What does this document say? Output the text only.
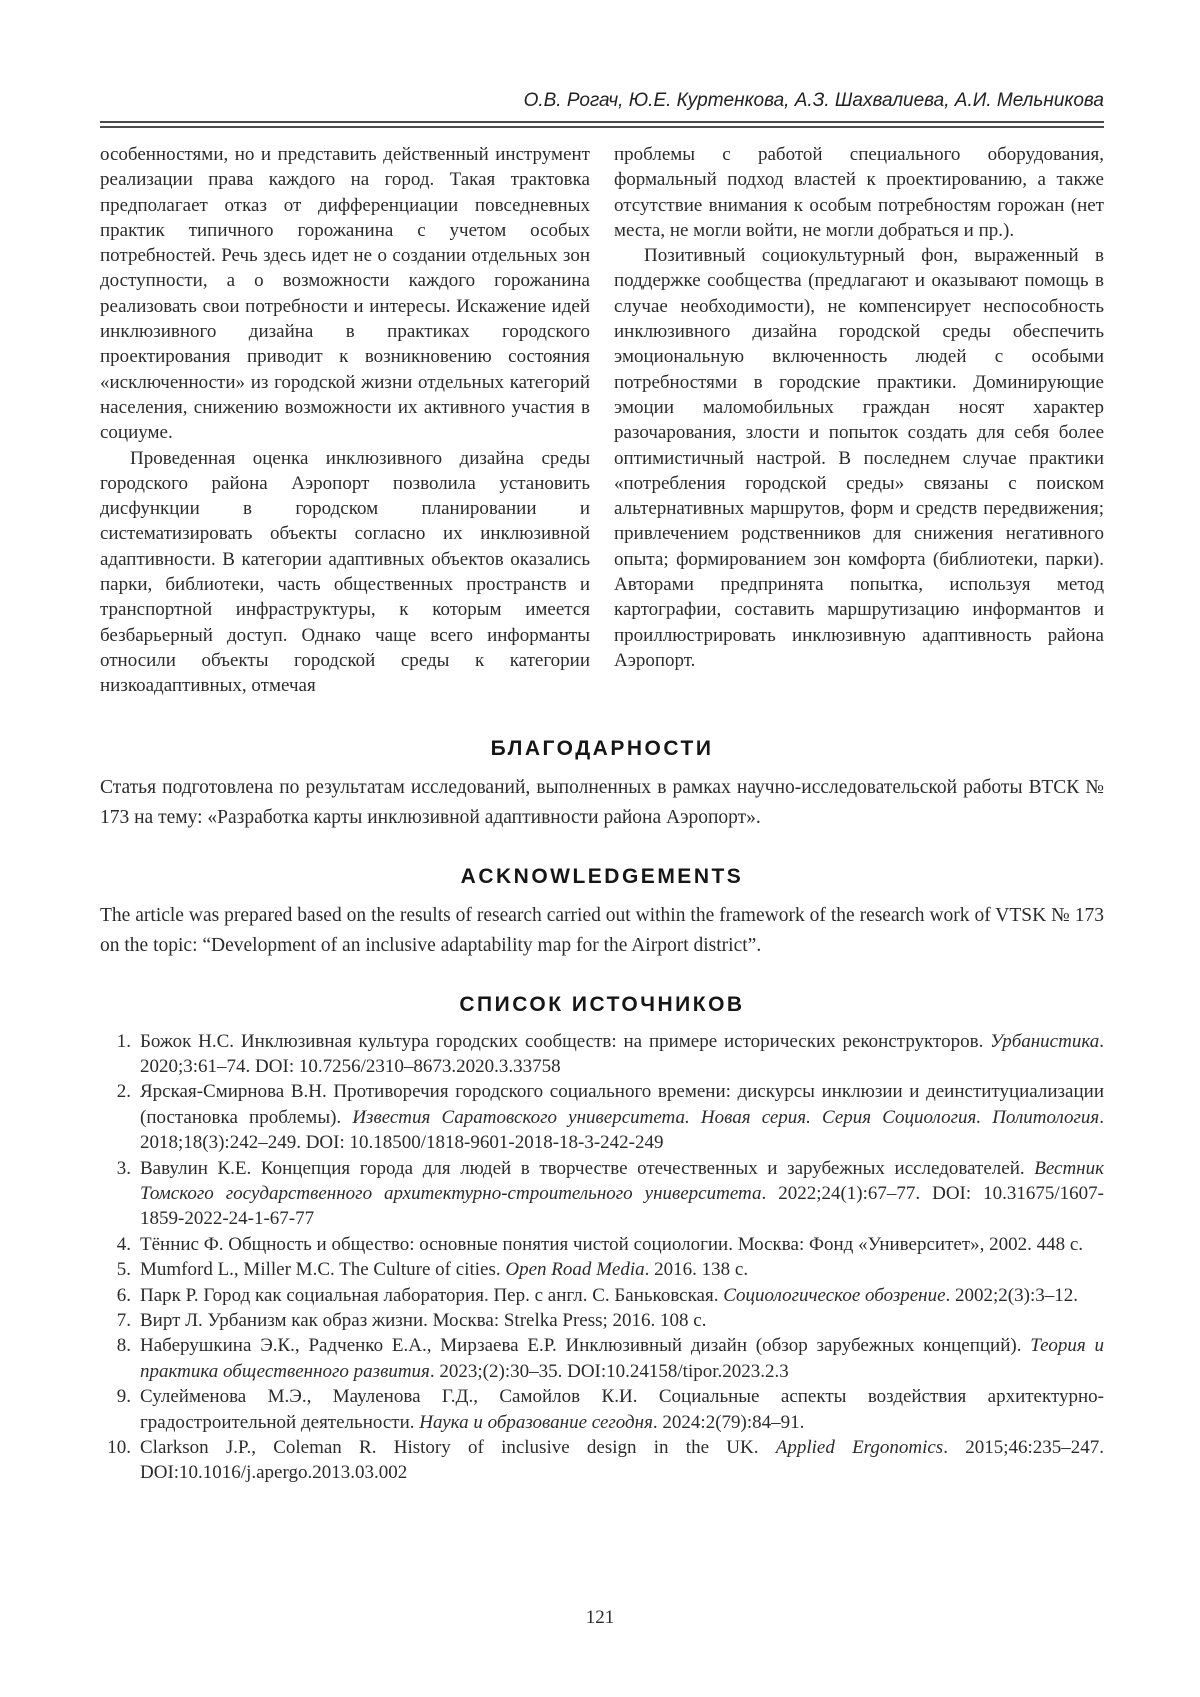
О.В. Рогач, Ю.Е. Куртенкова, А.З. Шахвалиева, А.И. Мельникова

особенностями, но и представить действенный инструмент реализации права каждого на город. Такая трактовка предполагает отказ от дифференциации повседневных практик типичного горожанина с учетом особых потребностей. Речь здесь идет не о создании отдельных зон доступности, а о возможности каждого горожанина реализовать свои потребности и интересы. Искажение идей инклюзивного дизайна в практиках городского проектирования приводит к возникновению состояния «исключенности» из городской жизни отдельных категорий населения, снижению возможности их активного участия в социуме.

Проведенная оценка инклюзивного дизайна среды городского района Аэропорт позволила установить дисфункции в городском планировании и систематизировать объекты согласно их инклюзивной адаптивности. В категории адаптивных объектов оказались парки, библиотеки, часть общественных пространств и транспортной инфраструктуры, к которым имеется безбарьерный доступ. Однако чаще всего информанты относили объекты городской среды к категории низкоадаптивных, отмечая

проблемы с работой специального оборудования, формальный подход властей к проектированию, а также отсутствие внимания к особым потребностям горожан (нет места, не могли войти, не могли добраться и пр.).

Позитивный социокультурный фон, выраженный в поддержке сообщества (предлагают и оказывают помощь в случае необходимости), не компенсирует неспособность инклюзивного дизайна городской среды обеспечить эмоциональную включенность людей с особыми потребностями в городские практики. Доминирующие эмоции маломобильных граждан носят характер разочарования, злости и попыток создать для себя более оптимистичный настрой. В последнем случае практики «потребления городской среды» связаны с поиском альтернативных маршрутов, форм и средств передвижения; привлечением родственников для снижения негативного опыта; формированием зон комфорта (библиотеки, парки). Авторами предпринята попытка, используя метод картографии, составить маршрутизацию информантов и проиллюстрировать инклюзивную адаптивность района Аэропорт.

БЛАГОДАРНОСТИ

Статья подготовлена по результатам исследований, выполненных в рамках научно-исследовательской работы ВТСК № 173 на тему: «Разработка карты инклюзивной адаптивности района Аэропорт».

ACKNOWLEDGEMENTS

The article was prepared based on the results of research carried out within the framework of the research work of VTSK № 173 on the topic: “Development of an inclusive adaptability map for the Airport district”.

СПИСОК ИСТОЧНИКОВ
1. Божок Н.С. Инклюзивная культура городских сообществ: на примере исторических реконструкторов. Урбанистика. 2020;3:61–74. DOI: 10.7256/2310–8673.2020.3.33758
2. Ярская-Смирнова В.Н. Противоречия городского социального времени: дискурсы инклюзии и деинституциализации (постановка проблемы). Известия Саратовского университета. Новая серия. Серия Социология. Политология. 2018;18(3):242–249. DOI: 10.18500/1818-9601-2018-18-3-242-249
3. Вавулин К.Е. Концепция города для людей в творчестве отечественных и зарубежных исследователей. Вестник Томского государственного архитектурно-строительного университета. 2022;24(1):67–77. DOI: 10.31675/1607-1859-2022-24-1-67-77
4. Тённис Ф. Общность и общество: основные понятия чистой социологии. Москва: Фонд «Университет», 2002. 448 с.
5. Mumford L., Miller M.C. The Culture of cities. Open Road Media. 2016. 138 с.
6. Парк Р. Город как социальная лаборатория. Пер. с англ. С. Баньковская. Социологическое обозрение. 2002;2(3):3–12.
7. Вирт Л. Урбанизм как образ жизни. Москва: Strelka Press; 2016. 108 с.
8. Наберушкина Э.К., Радченко Е.А., Мирзаева Е.Р. Инклюзивный дизайн (обзор зарубежных концепций). Теория и практика общественного развития. 2023;(2):30–35. DOI:10.24158/tipor.2023.2.3
9. Сулейменова М.Э., Мауленова Г.Д., Самойлов К.И. Социальные аспекты воздействия архитектурно-градостроительной деятельности. Наука и образование сегодня. 2024:2(79):84–91.
10. Clarkson J.P., Coleman R. History of inclusive design in the UK. Applied Ergonomics. 2015;46:235–247. DOI:10.1016/j.apergo.2013.03.002
121
